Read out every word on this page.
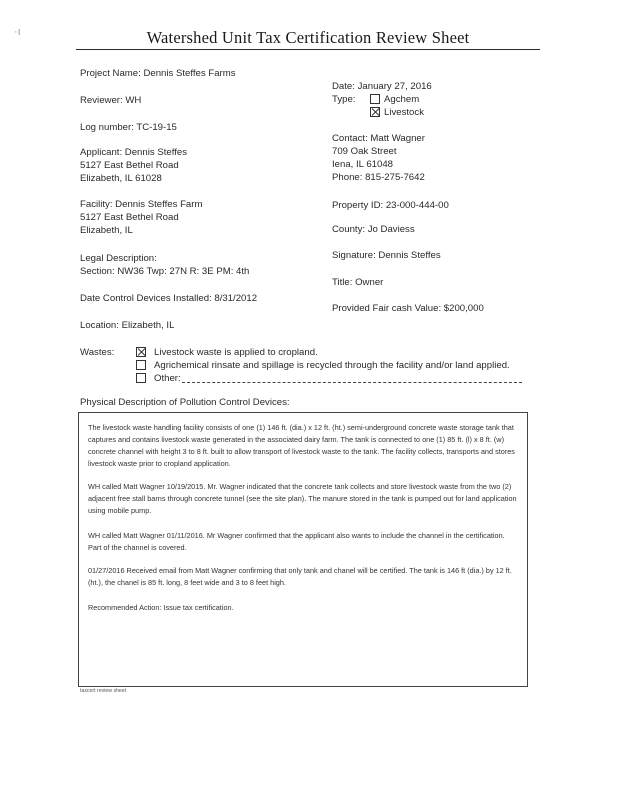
·ı	Watershed Unit Tax Certification Review Sheet
Project Name: Dennis Steffes Farms
Reviewer: WH
Log number: TC-19-15
Applicant: Dennis Steffes
5127 East Bethel Road
Elizabeth, IL 61028
Facility: Dennis Steffes Farm
5127 East Bethel Road
Elizabeth, IL
Legal Description:
Section: NW36 Twp: 27N R: 3E PM: 4th
Date Control Devices Installed: 8/31/2012
Location: Elizabeth, IL
Date: January 27, 2016
Type:	Agchem
Livestock
Contact: Matt Wagner
709 Oak Street
Iena, IL 61048
Phone: 815-275-7642
Property ID: 23-000-444-00
County: Jo Daviess
Signature: Dennis Steffes
Title: Owner
Provided Fair cash Value: $200,000
Wastes:	Livestock waste is applied to cropland.
Agrichemical rinsate and spillage is recycled through the facility and/or land applied.
Other:
Physical Description of Pollution Control Devices:
The livestock waste handling facility consists of one (1) 146 ft. (dia.) x 12 ft. (ht.) semi-underground concrete waste storage tank that captures and contains livestock waste generated in the associated dairy farm. The tank is connected to one (1) 85 ft. (l) x 8 ft. (w) concrete channel with height 3 to 8 ft. built to allow transport of livestock waste to the tank. The facility collects, transports and stores livestock waste prior to cropland application.
WH called Matt Wagner 10/19/2015. Mr. Wagner indicated that the concrete tank collects and store livestock waste from the two (2) adjacent free stall barns through concrete tunnel (see the site plan). The manure stored in the tank is pumped out for land application using mobile pump.
WH called Matt Wagner 01/11/2016. Mr Wagner confirmed that the applicant also wants to include the channel in the certification. Part of the channel is covered.
01/27/2016 Received email from Matt Wagner confirming that only tank and chanel will be certified. The tank is 146 ft (dia.) by 12 ft. (ht.), the chanel is 85 ft. long, 8 feet wide and 3 to 8 feet high.
Recommended Action: Issue tax certification.
taxcert review sheet
